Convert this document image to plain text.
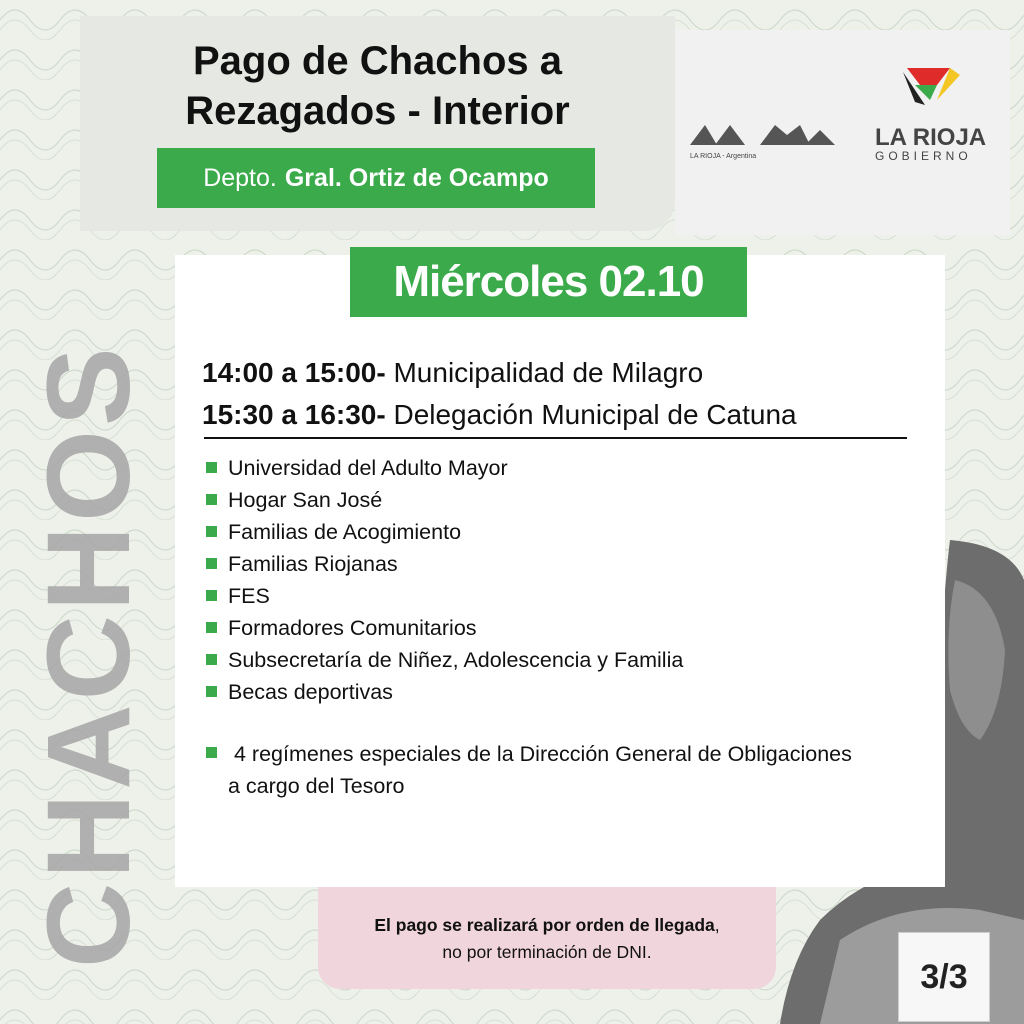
Pago de Chachos a
Rezagados - Interior
Depto. Gral. Ortiz de Ocampo
LA RIOJA - Argentina
LA RIOJA
GOBIERNO
CHACHOS
Miércoles 02.10
14:00 a 15:00- Municipalidad de Milagro
15:30 a 16:30- Delegación Municipal de Catuna
Universidad del Adulto Mayor
Hogar San José
Familias de Acogimiento
Familias Riojanas
FES
Formadores Comunitarios
Subsecretaría de Niñez, Adolescencia y Familia
Becas deportivas
4 regímenes especiales de la Dirección General de Obligaciones
a cargo del Tesoro
El pago se realizará por orden de llegada,
no por terminación de DNI.
3/3
